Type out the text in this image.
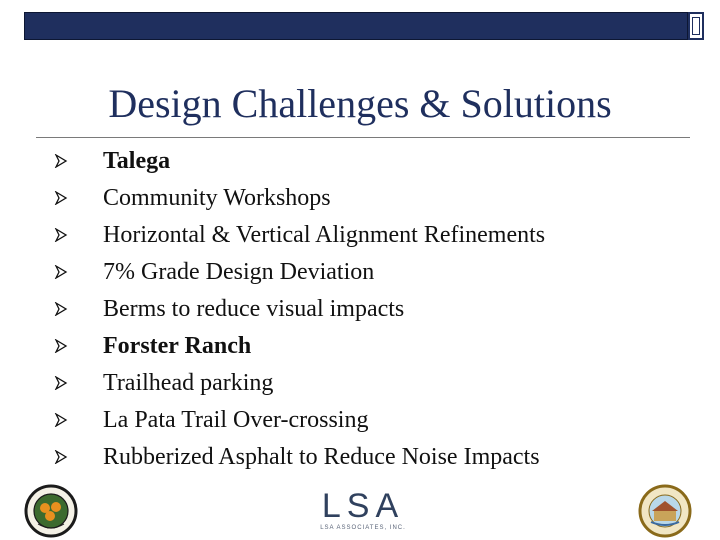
Design Challenges & Solutions
Talega
Community Workshops
Horizontal & Vertical Alignment Refinements
7% Grade Design Deviation
Berms to reduce visual impacts
Forster Ranch
Trailhead parking
La Pata Trail Over-crossing
Rubberized Asphalt to Reduce Noise Impacts
LSA
LSA ASSOCIATES, INC.
